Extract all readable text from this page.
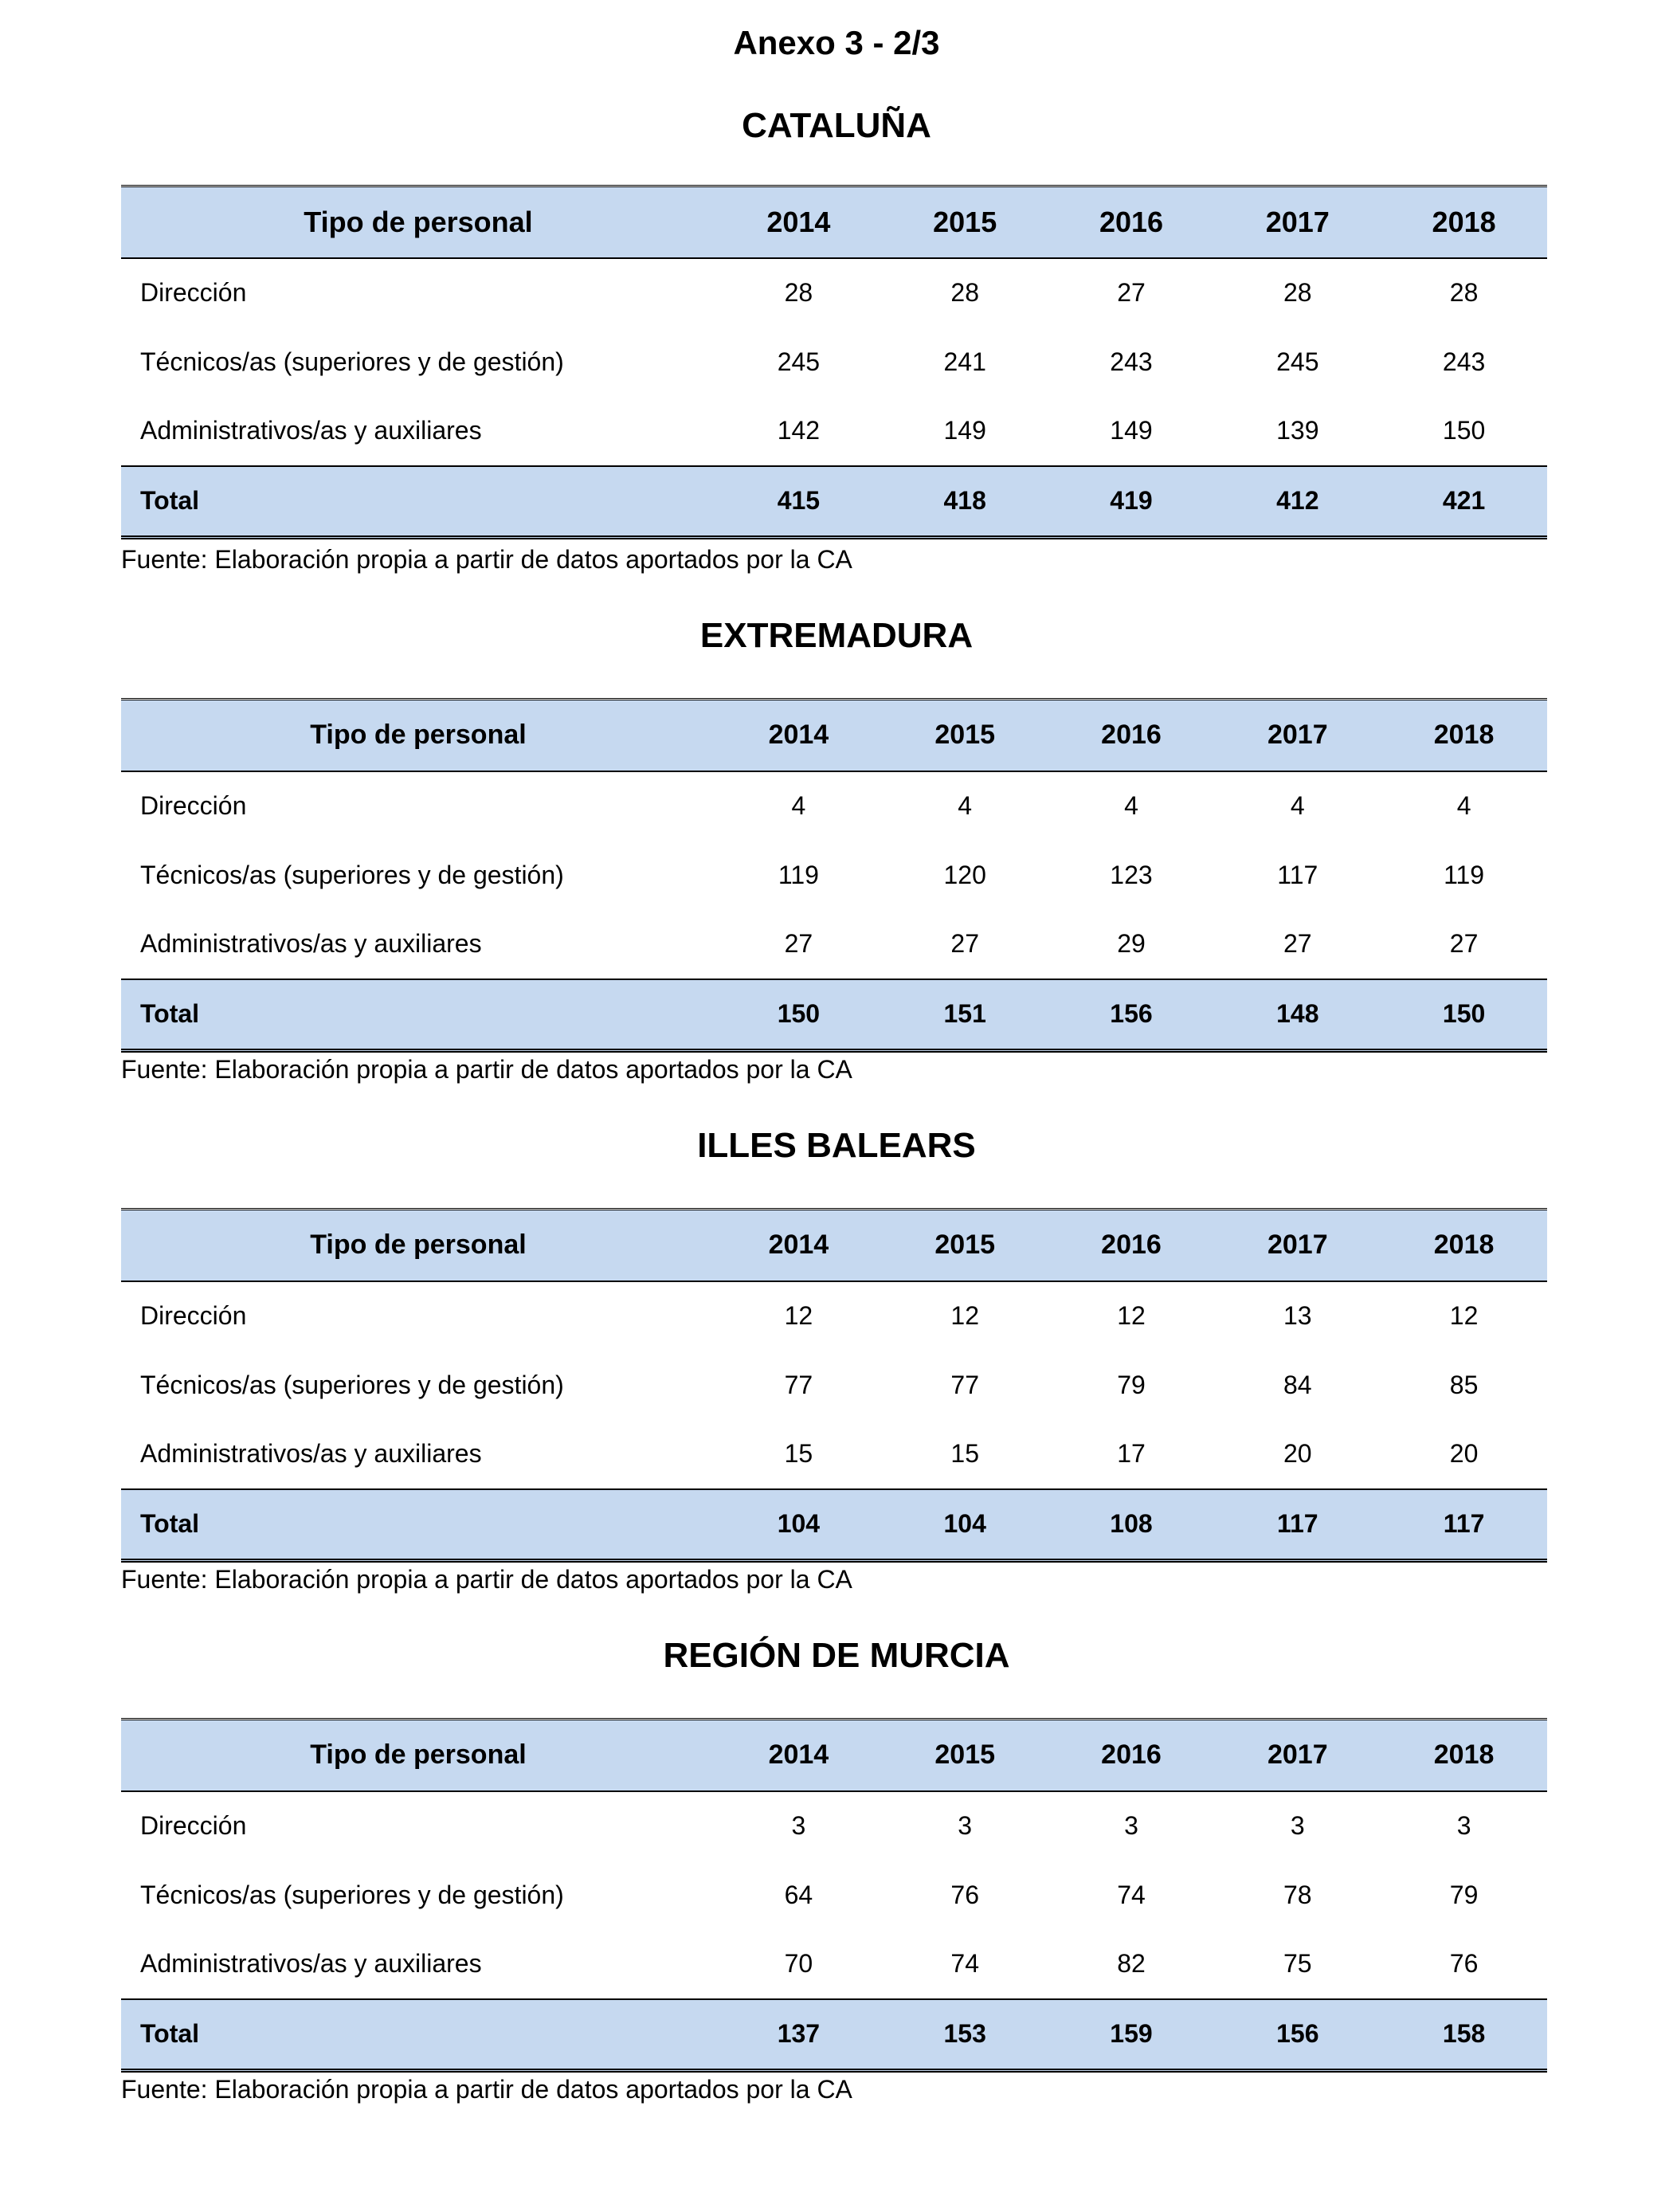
Anexo 3 - 2/3
CATALUÑA
Tipo de personal	2014	2015	2016	2017	2018
Dirección	28	28	27	28	28
Técnicos/as (superiores y de gestión)	245	241	243	245	243
Administrativos/as y auxiliares	142	149	149	139	150
Total	415	418	419	412	421
Fuente: Elaboración propia a partir de datos aportados por la CA
EXTREMADURA
Tipo de personal	2014	2015	2016	2017	2018
Dirección	4	4	4	4	4
Técnicos/as (superiores y de gestión)	119	120	123	117	119
Administrativos/as y auxiliares	27	27	29	27	27
Total	150	151	156	148	150
Fuente: Elaboración propia a partir de datos aportados por la CA
ILLES BALEARS
Tipo de personal	2014	2015	2016	2017	2018
Dirección	12	12	12	13	12
Técnicos/as (superiores y de gestión)	77	77	79	84	85
Administrativos/as y auxiliares	15	15	17	20	20
Total	104	104	108	117	117
Fuente: Elaboración propia a partir de datos aportados por la CA
REGIÓN DE MURCIA
Tipo de personal	2014	2015	2016	2017	2018
Dirección	3	3	3	3	3
Técnicos/as (superiores y de gestión)	64	76	74	78	79
Administrativos/as y auxiliares	70	74	82	75	76
Total	137	153	159	156	158
Fuente: Elaboración propia a partir de datos aportados por la CA
